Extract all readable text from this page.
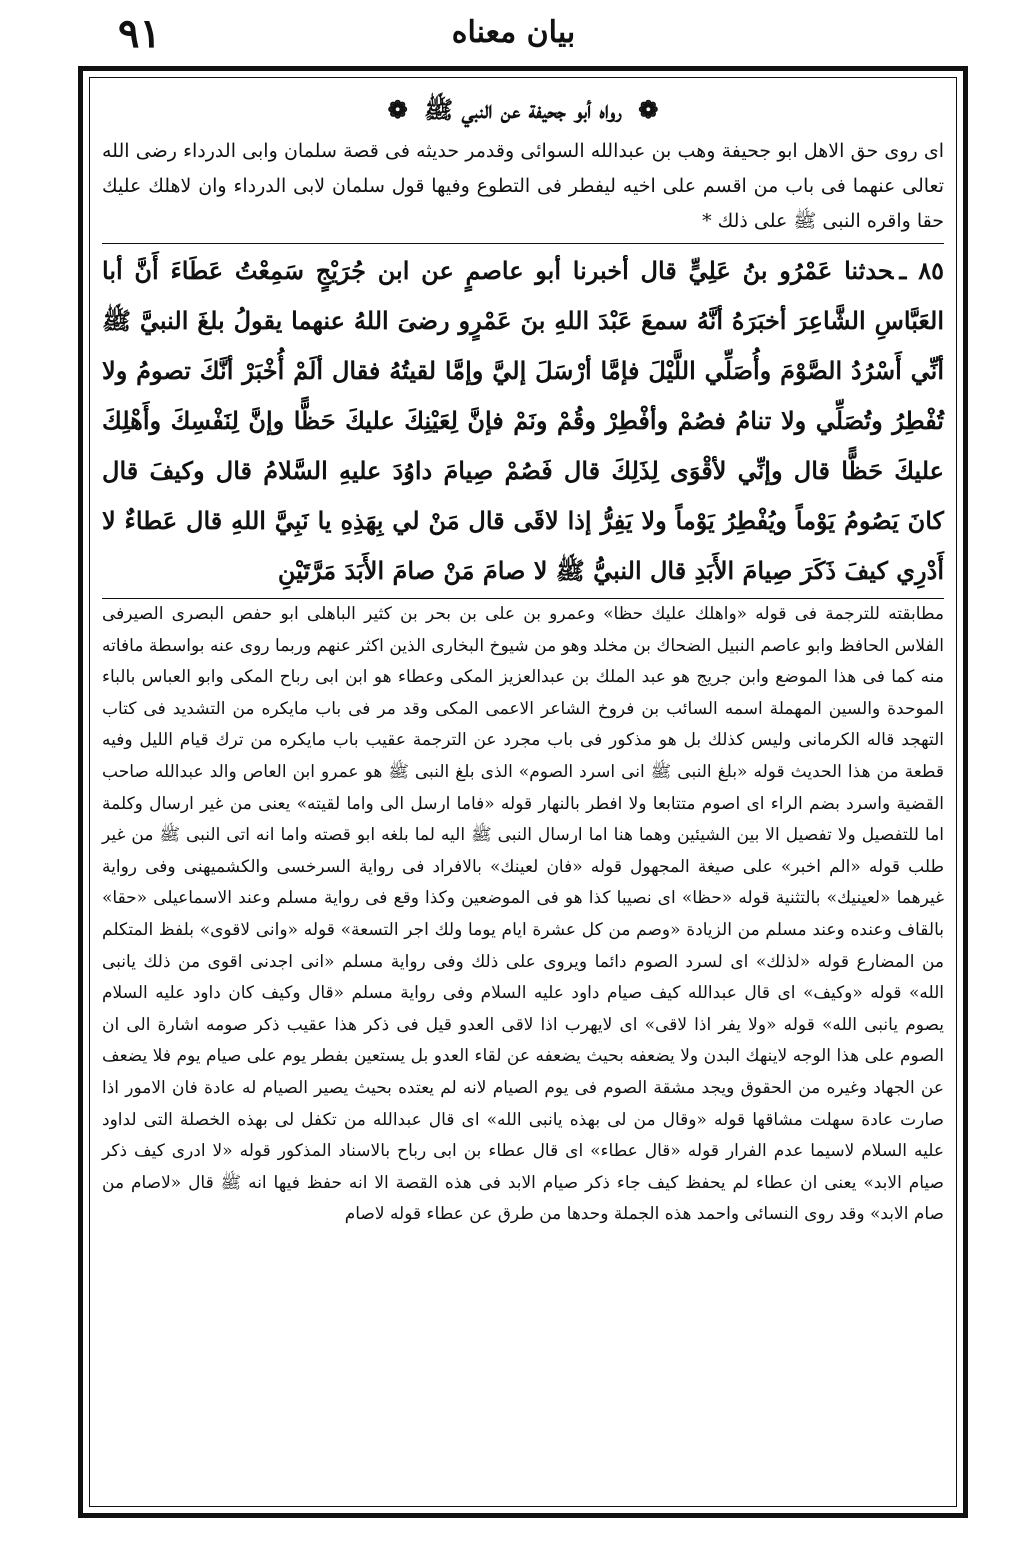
۹۱	بيان معناه
❁ رواه أبو جحيفة عن النبي ﷺ ❁

اى روى حق الاهل ابو جحيفة وهب بن عبدالله السوائى وقدمر حديثه فى قصة سلمان وابى الدرداء رضى الله تعالى عنهما فى باب من اقسم على اخيه ليفطر فى التطوع وفيها قول سلمان لابى الدرداء وان لاهلك عليك حقا واقره النبى ﷺ على ذلك *

٨٥ ـحدثنا عَمْرُو بنُ عَلِيٍّ قال أخبرنا أبو عاصمٍ عن ابن جُرَيْجٍ سَمِعْتُ عَطَاءَ أَنَّ أبا العَبَّاسِ الشَّاعِرَ أخبَرَهُ أنَّهُ سمعَ عَبْدَ اللهِ بنَ عَمْرٍو رضىَ اللهُ عنهما يقولُ بلغَ النبيَّ ﷺ أنِّي أَسْرُدُ الصَّوْمَ وأُصَلِّي اللَّيْلَ فإمَّا أرْسَلَ إليَّ وإمَّا لقيتُهُ فقال ألَمْ أُخْبَرْ أنَّكَ تصومُ ولا تُفْطِرُ وتُصَلِّي ولا تنامُ فصُمْ وأفْطِرْ وقُمْ ونَمْ فإنَّ لِعَيْنِكَ عليكَ حَظًّا وإنَّ لِنَفْسِكَ وأَهْلِكَ عليكَ حَظًّا قال وإنِّي لأقْوَى لِذَلِكَ قال فَصُمْ صِيامَ داوُدَ عليهِ السَّلامُ قال وكيفَ قال كانَ يَصُومُ يَوْماً ويُفْطِرُ يَوْماً ولا يَفِرُّ إذا لاقَى قال مَنْ لي بِهَذِهِ يا نَبِيَّ اللهِ قال عَطاءٌ لا أَدْرِي كيفَ ذَكَرَ صِيامَ الأَبَدِ قال النبيُّ ﷺ لا صامَ مَنْ صامَ الأَبَدَ مَرَّتَيْنِ

مطابقته للترجمة فى قوله «واهلك عليك حظا» وعمرو بن على بن بحر بن كثير الباهلى ابو حفص البصرى الصيرفى الفلاس الحافظ وابو عاصم النبيل الضحاك بن مخلد وهو من شيوخ البخارى الذين اكثر عنهم وربما روى عنه بواسطة مافاته منه كما فى هذا الموضع وابن جريج هو عبد الملك بن عبدالعزيز المكى وعطاء هو ابن ابى رباح المكى وابو العباس بالباء الموحدة والسين المهملة اسمه السائب بن فروخ الشاعر الاعمى المكى وقد مر فى باب مايكره من التشديد فى كتاب التهجد قاله الكرمانى وليس كذلك بل هو مذكور فى باب مجرد عن الترجمة عقيب باب مايكره من ترك قيام الليل وفيه قطعة من هذا الحديث قوله «بلغ النبى ﷺ انى اسرد الصوم» الذى بلغ النبى ﷺ هو عمرو ابن العاص والد عبدالله صاحب القضية واسرد بضم الراء اى اصوم متتابعا ولا افطر بالنهار قوله «فاما ارسل الى واما لقيته» يعنى من غير ارسال وكلمة اما للتفصيل ولا تفصيل الا بين الشيئين وهما هنا اما ارسال النبى ﷺ اليه لما بلغه ابو قصته واما انه اتى النبى ﷺ من غير طلب قوله «الم اخبر» على صيغة المجهول قوله «فان لعينك» بالافراد فى رواية السرخسى والكشميهنى وفى رواية غيرهما «لعينيك» بالتثنية قوله «حظا» اى نصيبا كذا هو فى الموضعين وكذا وقع فى رواية مسلم وعند الاسماعيلى «حقا» بالقاف وعنده وعند مسلم من الزيادة «وصم من كل عشرة ايام يوما ولك اجر التسعة» قوله «وانى لاقوى» بلفظ المتكلم من المضارع قوله «لذلك» اى لسرد الصوم دائما ويروى على ذلك وفى رواية مسلم «انى اجدنى اقوى من ذلك يانبى الله» قوله «وكيف» اى قال عبدالله كيف صيام داود عليه السلام وفى رواية مسلم «قال وكيف كان داود عليه السلام يصوم يانبى الله» قوله «ولا يفر اذا لاقى» اى لايهرب اذا لاقى العدو قيل فى ذكر هذا عقيب ذكر صومه اشارة الى ان الصوم على هذا الوجه لاينهك البدن ولا يضعفه بحيث يضعفه عن لقاء العدو بل يستعين بفطر يوم على صيام يوم فلا يضعف عن الجهاد وغيره من الحقوق ويجد مشقة الصوم فى يوم الصيام لانه لم يعتده بحيث يصير الصيام له عادة فان الامور اذا صارت عادة سهلت مشاقها قوله «وقال من لى بهذه يانبى الله» اى قال عبدالله من تكفل لى بهذه الخصلة التى لداود عليه السلام لاسيما عدم الفرار قوله «قال عطاء» اى قال عطاء بن ابى رباح بالاسناد المذكور قوله «لا ادرى كيف ذكر صيام الابد» يعنى ان عطاء لم يحفظ كيف جاء ذكر صيام الابد فى هذه القصة الا انه حفظ فيها انه ﷺ قال «لاصام من صام الابد» وقد روى النسائى واحمد هذه الجملة وحدها من طرق عن عطاء قوله لاصام
